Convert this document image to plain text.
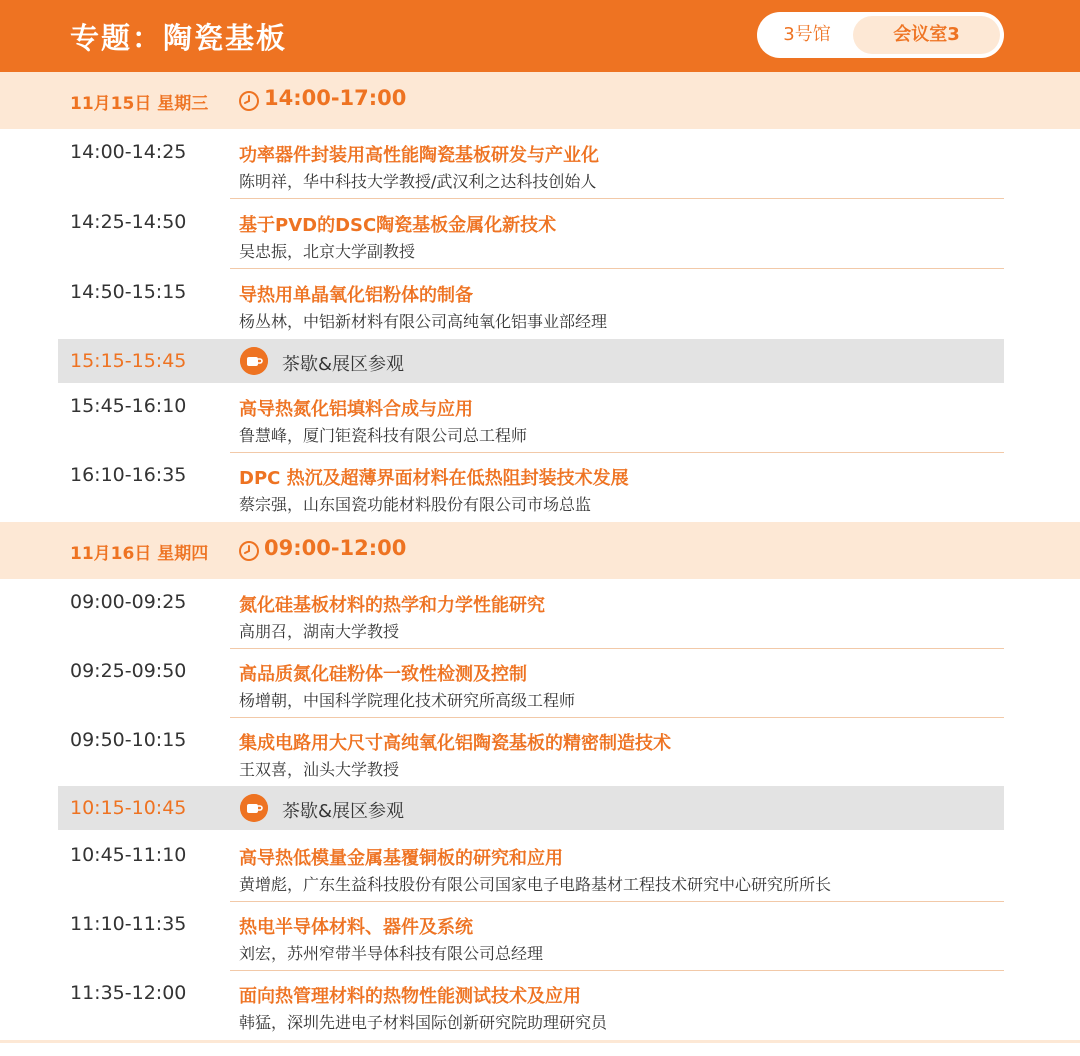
专题：陶瓷基板	3号馆	会议室3
11月15日 星期三	14:00-17:00
14:00-14:25	功率器件封装用高性能陶瓷基板研发与产业化
陈明祥，华中科技大学教授/武汉利之达科技创始人
14:25-14:50	基于PVD的DSC陶瓷基板金属化新技术
吴忠振，北京大学副教授
14:50-15:15	导热用单晶氧化铝粉体的制备
杨丛林，中铝新材料有限公司高纯氧化铝事业部经理
15:15-15:45	茶歇&展区参观
15:45-16:10	高导热氮化铝填料合成与应用
鲁慧峰，厦门钜瓷科技有限公司总工程师
16:10-16:35	DPC 热沉及超薄界面材料在低热阻封装技术发展
蔡宗强，山东国瓷功能材料股份有限公司市场总监
11月16日 星期四	09:00-12:00
09:00-09:25	氮化硅基板材料的热学和力学性能研究
高朋召，湖南大学教授
09:25-09:50	高品质氮化硅粉体一致性检测及控制
杨增朝，中国科学院理化技术研究所高级工程师
09:50-10:15	集成电路用大尺寸高纯氧化铝陶瓷基板的精密制造技术
王双喜，汕头大学教授
10:15-10:45	茶歇&展区参观
10:45-11:10	高导热低模量金属基覆铜板的研究和应用
黄增彪，广东生益科技股份有限公司国家电子电路基材工程技术研究中心研究所所长
11:10-11:35	热电半导体材料、器件及系统
刘宏，苏州窄带半导体科技有限公司总经理
11:35-12:00	面向热管理材料的热物性能测试技术及应用
韩猛，深圳先进电子材料国际创新研究院助理研究员
